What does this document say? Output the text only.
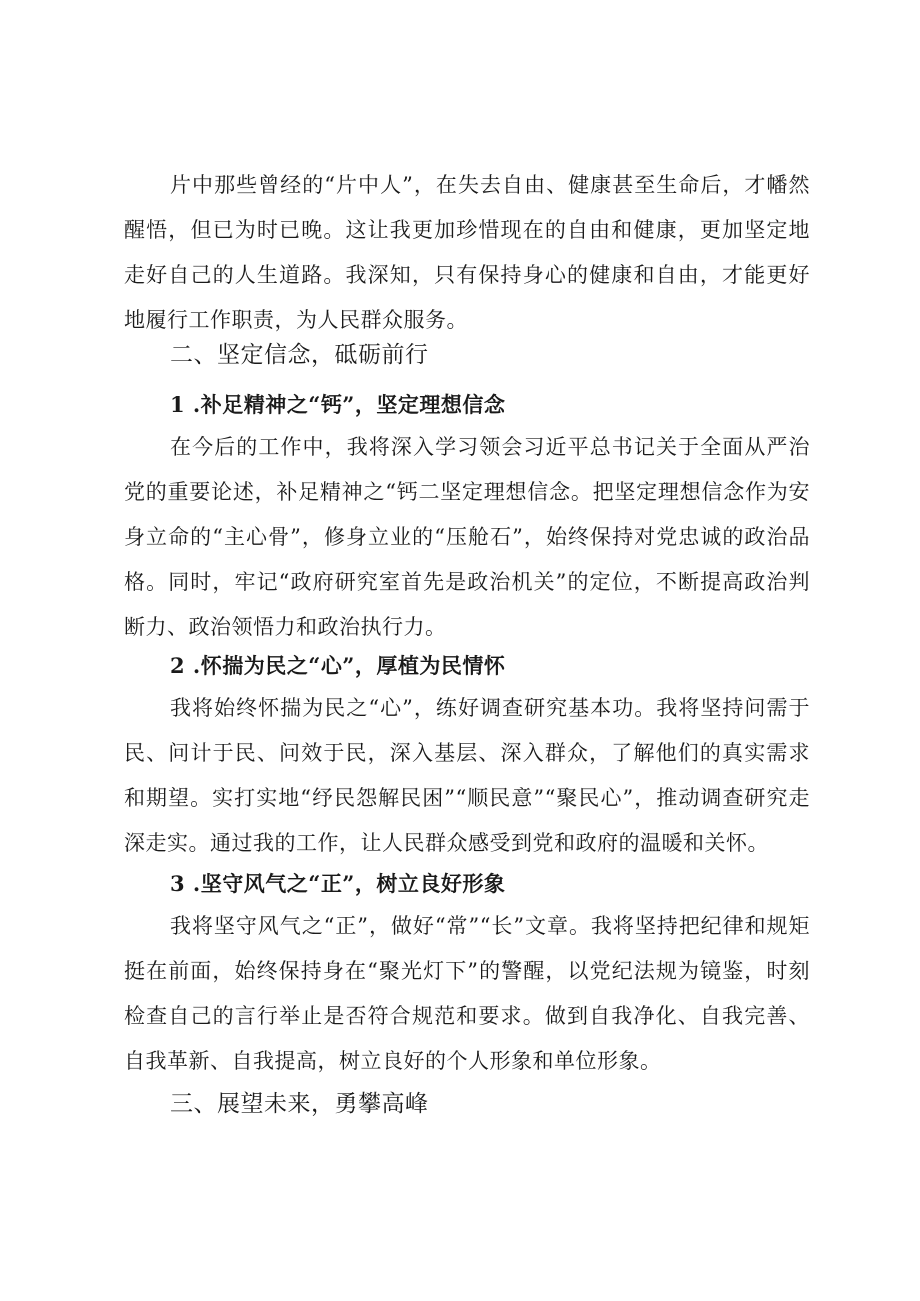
片中那些曾经的“片中人”，在失去自由、健康甚至生命后，才幡然醒悟，但已为时已晚。这让我更加珍惜现在的自由和健康，更加坚定地走好自己的人生道路。我深知，只有保持身心的健康和自由，才能更好地履行工作职责，为人民群众服务。

二、坚定信念，砥砺前行
1 .补足精神之“钙”，坚定理想信念

在今后的工作中，我将深入学习领会习近平总书记关于全面从严治党的重要论述，补足精神之“钙二坚定理想信念。把坚定理想信念作为安身立命的“主心骨”，修身立业的“压舱石”，始终保持对党忠诚的政治品格。同时，牢记“政府研究室首先是政治机关”的定位，不断提高政治判断力、政治领悟力和政治执行力。

2 .怀揣为民之“心”，厚植为民情怀

我将始终怀揣为民之“心”，练好调查研究基本功。我将坚持问需于民、问计于民、问效于民，深入基层、深入群众，了解他们的真实需求和期望。实打实地“纾民怨解民困”“顺民意”“聚民心”，推动调查研究走深走实。通过我的工作，让人民群众感受到党和政府的温暖和关怀。

3 .坚守风气之“正”，树立良好形象

我将坚守风气之“正”，做好“常”“长”文章。我将坚持把纪律和规矩挺在前面，始终保持身在“聚光灯下”的警醒，以党纪法规为镜鉴，时刻检查自己的言行举止是否符合规范和要求。做到自我净化、自我完善、自我革新、自我提高，树立良好的个人形象和单位形象。

三、展望未来，勇攀高峰
